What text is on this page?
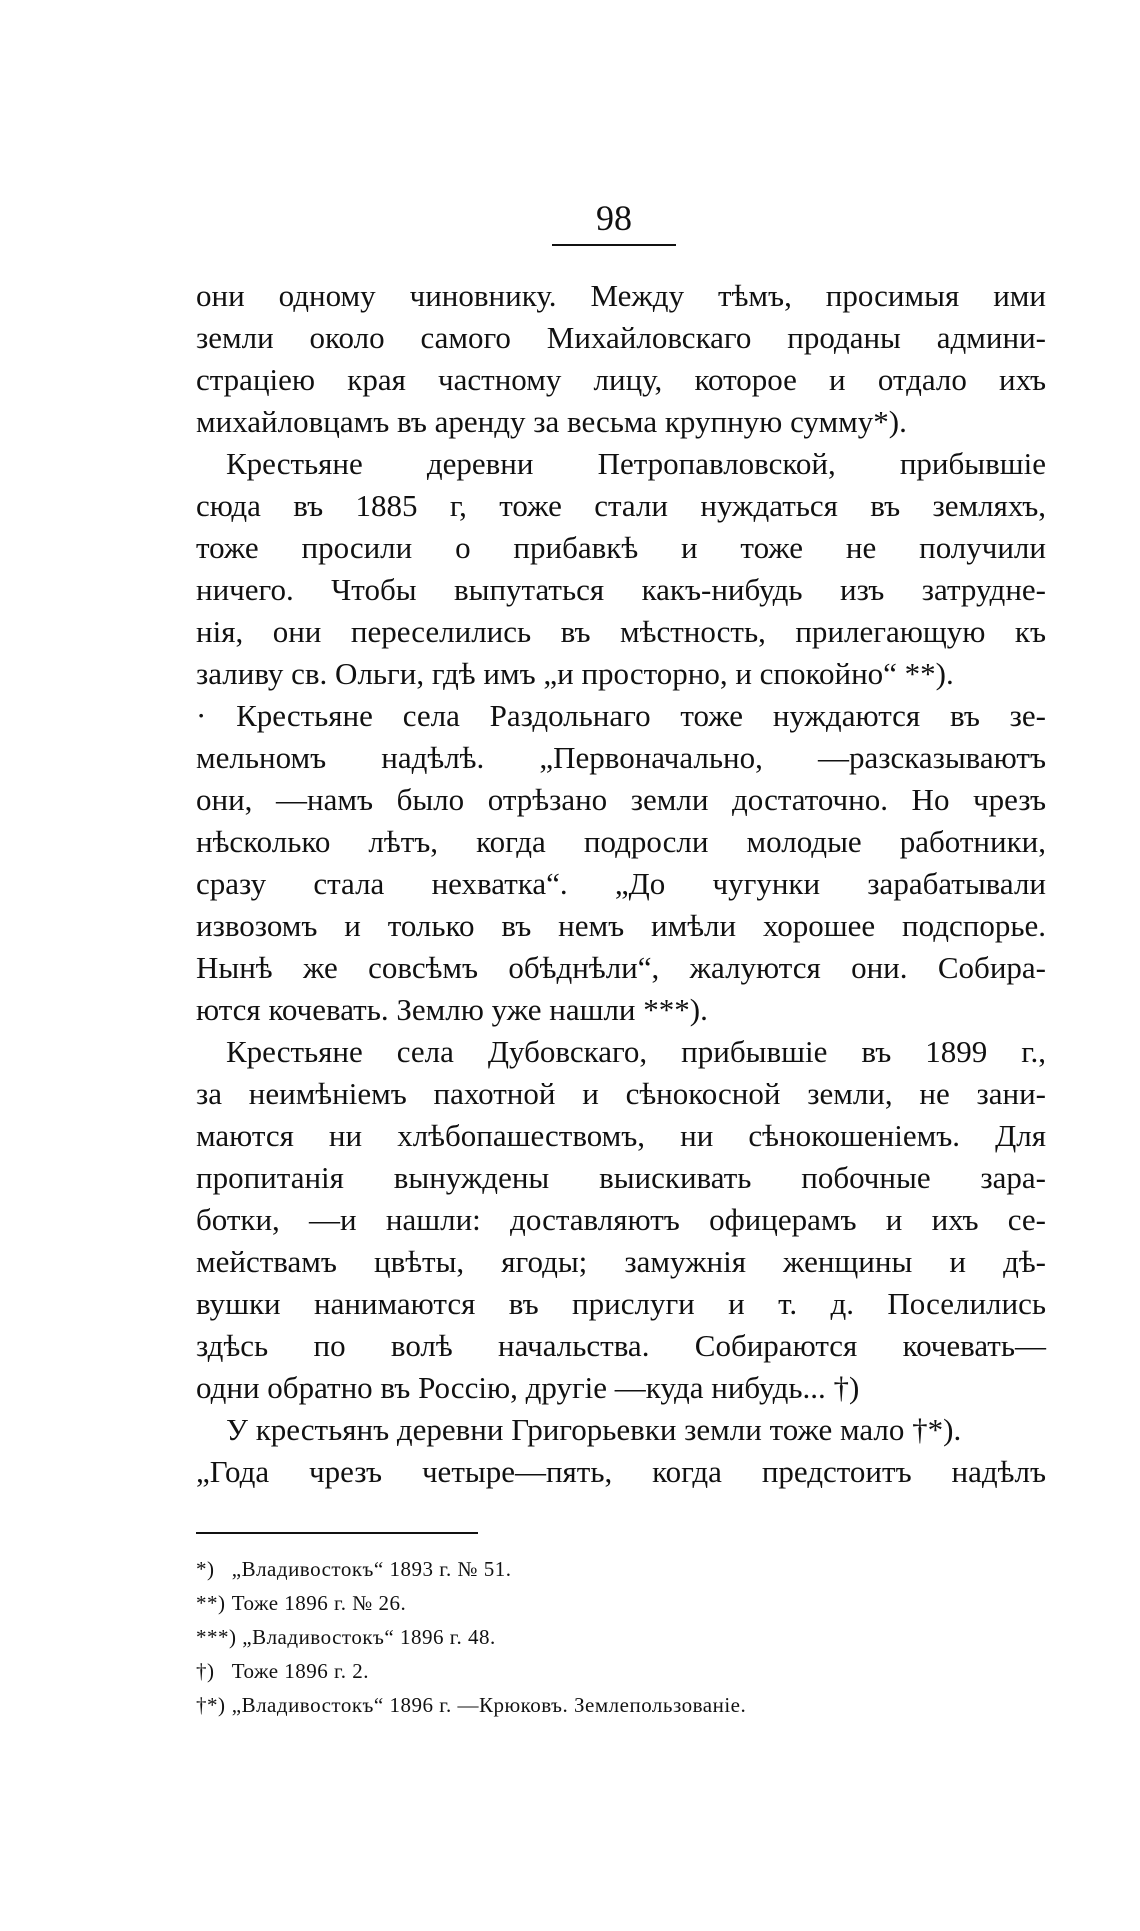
98
они одному чиновнику. Между тѣмъ, просимыя ими
земли около самого Михайловскаго проданы админи-
страціею края частному лицу, которое и отдало ихъ
михайловцамъ въ аренду за весьма крупную сумму*).
Крестьяне деревни Петропавловской, прибывшіе
сюда въ 1885 г, тоже стали нуждаться въ земляхъ,
тоже просили о прибавкѣ и тоже не получили
ничего. Чтобы выпутаться какъ-нибудь изъ затрудне-
нія, они переселились въ мѣстность, прилегающую къ
заливу св. Ольги, гдѣ имъ „и просторно, и спокойно“ **).
· Крестьяне села Раздольнаго тоже нуждаются въ зе-
мельномъ надѣлѣ. „Первоначально, —разсказываютъ
они, —намъ было отрѣзано земли достаточно. Но чрезъ
нѣсколько лѣтъ, когда подросли молодые работники,
сразу стала нехватка“. „До чугунки зарабатывали
извозомъ и только въ немъ имѣли хорошее подспорье.
Нынѣ же совсѣмъ обѣднѣли“, жалуются они. Собира-
ются кочевать. Землю уже нашли ***).
Крестьяне села Дубовскаго, прибывшіе въ 1899 г.,
за неимѣніемъ пахотной и сѣнокосной земли, не зани-
маются ни хлѣбопашествомъ, ни сѣнокошеніемъ. Для
пропитанія вынуждены выискивать побочные зара-
ботки, —и нашли: доставляютъ офицерамъ и ихъ се-
мействамъ цвѣты, ягоды; замужнія женщины и дѣ-
вушки нанимаются въ прислуги и т. д. Поселились
здѣсь по волѣ начальства. Собираются кочевать—
одни обратно въ Россію, другіе —куда нибудь... †)
У крестьянъ деревни Григорьевки земли тоже мало †*).
„Года чрезъ четыре—пять, когда предстоитъ надѣлъ
*) „Владивостокъ“ 1893 г. № 51.
**) Тоже 1896 г. № 26.
***) „Владивостокъ“ 1896 г. 48.
†) Тоже 1896 г. 2.
†*) „Владивостокъ“ 1896 г. —Крюковъ. Землепользованіе.
